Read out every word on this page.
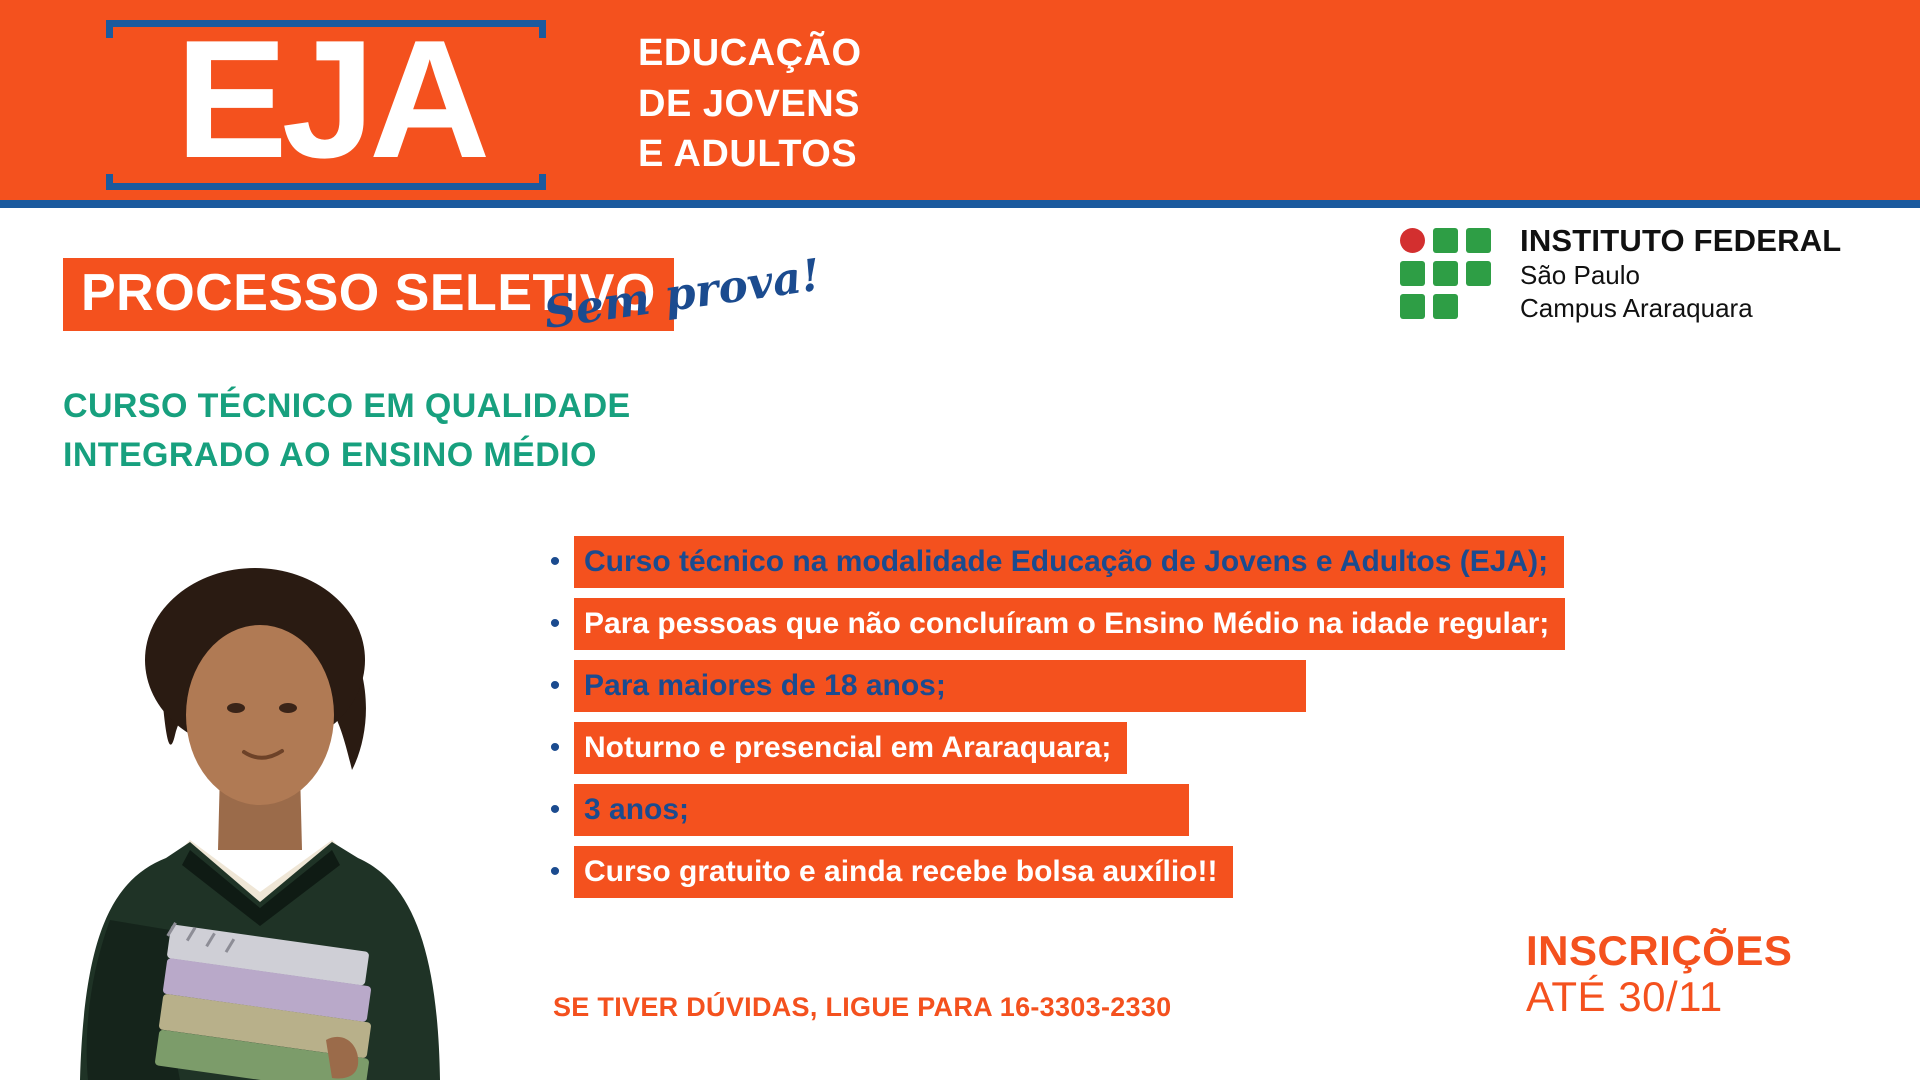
EJA	EDUCAÇÃO
DE JOVENS
E ADULTOS
INSTITUTO FEDERAL
São Paulo
Campus Araraquara
PROCESSO SELETIVO
Sem prova!
CURSO TÉCNICO EM QUALIDADE
INTEGRADO AO ENSINO MÉDIO
• Curso técnico na modalidade Educação de Jovens e Adultos (EJA);
• Para pessoas que não concluíram o Ensino Médio na idade regular;
• Para maiores de 18 anos;
• Noturno e presencial em Araraquara;
• 3 anos;
• Curso gratuito e ainda recebe bolsa auxílio!!
SE TIVER DÚVIDAS, LIGUE PARA 16-3303-2330
INSCRIÇÕES
ATÉ 30/11
